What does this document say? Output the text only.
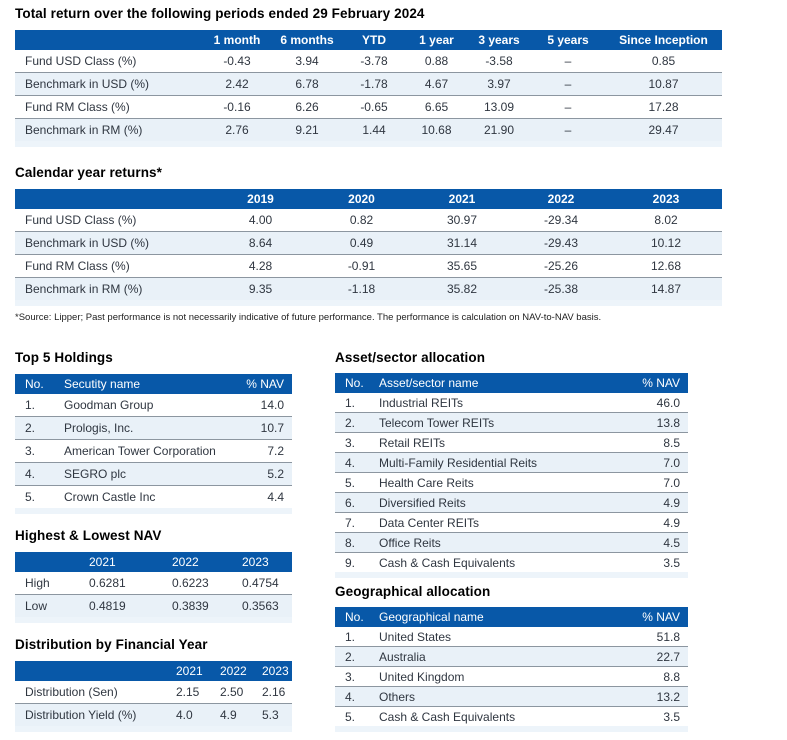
Total return over the following periods ended 29 February 2024
	1 month	6 months	YTD	1 year	3 years	5 years	Since Inception
Fund USD Class (%)	-0.43	3.94	-3.78	0.88	-3.58	–	0.85
Benchmark in USD (%)	2.42	6.78	-1.78	4.67	3.97	–	10.87
Fund RM Class (%)	-0.16	6.26	-0.65	6.65	13.09	–	17.28
Benchmark in RM (%)	2.76	9.21	1.44	10.68	21.90	–	29.47
Calendar year returns*
	2019	2020	2021	2022	2023
Fund USD Class (%)	4.00	0.82	30.97	-29.34	8.02
Benchmark in USD (%)	8.64	0.49	31.14	-29.43	10.12
Fund RM Class (%)	4.28	-0.91	35.65	-25.26	12.68
Benchmark in RM (%)	9.35	-1.18	35.82	-25.38	14.87
*Source: Lipper; Past performance is not necessarily indicative of future performance. The performance is calculation on NAV-to-NAV basis.
Top 5 Holdings
No.	Secutity name	% NAV
1.	Goodman Group	14.0
2.	Prologis, Inc.	10.7
3.	American Tower Corporation	7.2
4.	SEGRO plc	5.2
5.	Crown Castle Inc	4.4
Highest & Lowest NAV
	2021	2022	2023
High	0.6281	0.6223	0.4754
Low	0.4819	0.3839	0.3563
Distribution by Financial Year
	2021	2022	2023
Distribution (Sen)	2.15	2.50	2.16
Distribution Yield (%)	4.0	4.9	5.3
Asset/sector allocation
No.	Asset/sector name	% NAV
1.	Industrial REITs	46.0
2.	Telecom Tower REITs	13.8
3.	Retail REITs	8.5
4.	Multi-Family Residential Reits	7.0
5.	Health Care Reits	7.0
6.	Diversified Reits	4.9
7.	Data Center REITs	4.9
8.	Office Reits	4.5
9.	Cash & Cash Equivalents	3.5
Geographical allocation
No.	Geographical name	% NAV
1.	United States	51.8
2.	Australia	22.7
3.	United Kingdom	8.8
4.	Others	13.2
5.	Cash & Cash Equivalents	3.5
